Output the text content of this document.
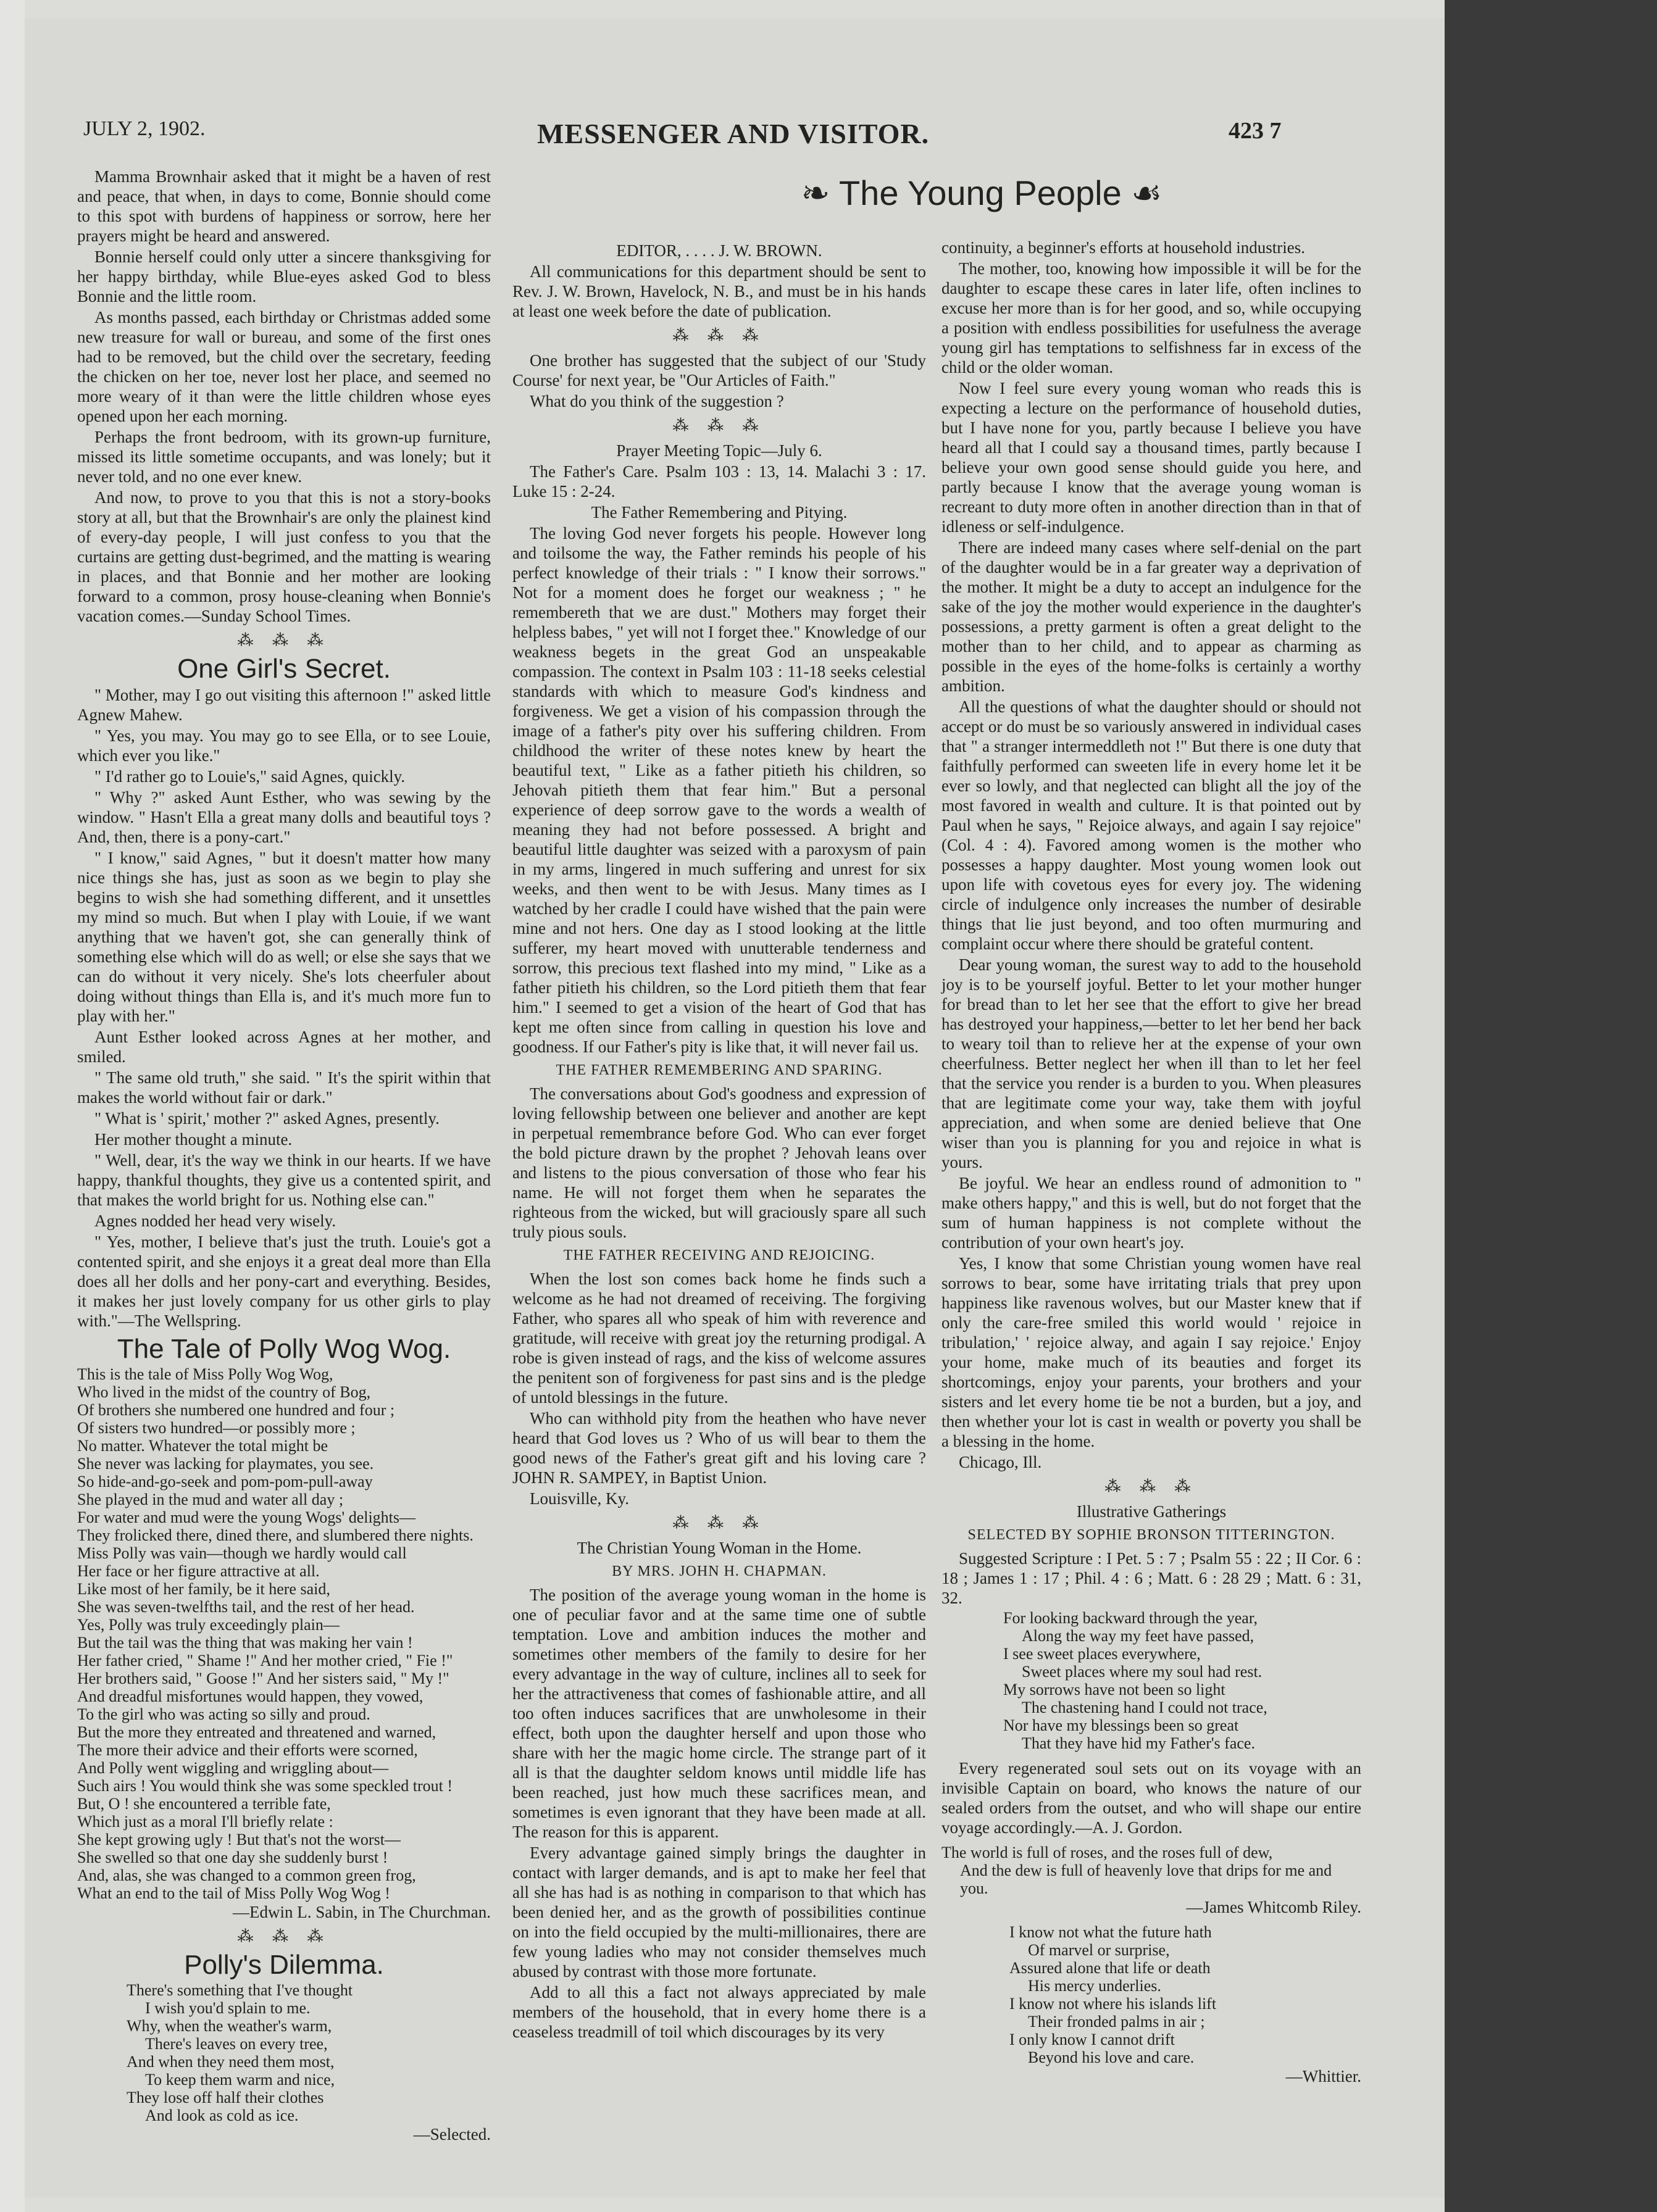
JULY 2, 1902.	MESSENGER AND VISITOR.	423 7
❧ The Young People ☙

Mamma Brownhair asked that it might be a haven of rest and peace, that when, in days to come, Bonnie should come to this spot with burdens of happiness or sorrow, here her prayers might be heard and answered.

Bonnie herself could only utter a sincere thanksgiving for her happy birthday, while Blue-eyes asked God to bless Bonnie and the little room.

As months passed, each birthday or Christmas added some new treasure for wall or bureau, and some of the first ones had to be removed, but the child over the secretary, feeding the chicken on her toe, never lost her place, and seemed no more weary of it than were the little children whose eyes opened upon her each morning.

Perhaps the front bedroom, with its grown-up furniture, missed its little sometime occupants, and was lonely; but it never told, and no one ever knew.

And now, to prove to you that this is not a story-books story at all, but that the Brownhair's are only the plainest kind of every-day people, I will just confess to you that the curtains are getting dust-begrimed, and the matting is wearing in places, and that Bonnie and her mother are looking forward to a common, prosy house-cleaning when Bonnie's vacation comes.—Sunday School Times.

⁂ ⁂ ⁂
One Girl's Secret.

" Mother, may I go out visiting this afternoon !" asked little Agnew Mahew.

" Yes, you may. You may go to see Ella, or to see Louie, which ever you like."

" I'd rather go to Louie's," said Agnes, quickly.

" Why ?" asked Aunt Esther, who was sewing by the window. " Hasn't Ella a great many dolls and beautiful toys ? And, then, there is a pony-cart."

" I know," said Agnes, " but it doesn't matter how many nice things she has, just as soon as we begin to play she begins to wish she had something different, and it unsettles my mind so much. But when I play with Louie, if we want anything that we haven't got, she can generally think of something else which will do as well; or else she says that we can do without it very nicely. She's lots cheerfuler about doing without things than Ella is, and it's much more fun to play with her."

Aunt Esther looked across Agnes at her mother, and smiled.

" The same old truth," she said. " It's the spirit within that makes the world without fair or dark."

" What is ' spirit,' mother ?" asked Agnes, presently.

Her mother thought a minute.

" Well, dear, it's the way we think in our hearts. If we have happy, thankful thoughts, they give us a contented spirit, and that makes the world bright for us. Nothing else can."

Agnes nodded her head very wisely.

" Yes, mother, I believe that's just the truth. Louie's got a contented spirit, and she enjoys it a great deal more than Ella does all her dolls and her pony-cart and everything. Besides, it makes her just lovely company for us other girls to play with."—The Wellspring.

The Tale of Polly Wog Wog.
This is the tale of Miss Polly Wog Wog,
Who lived in the midst of the country of Bog,
Of brothers she numbered one hundred and four ;
Of sisters two hundred—or possibly more ;
No matter. Whatever the total might be
She never was lacking for playmates, you see.
So hide-and-go-seek and pom-pom-pull-away
She played in the mud and water all day ;
For water and mud were the young Wogs' delights—
They frolicked there, dined there, and slumbered there nights.
Miss Polly was vain—though we hardly would call
Her face or her figure attractive at all.
Like most of her family, be it here said,
She was seven-twelfths tail, and the rest of her head.
Yes, Polly was truly exceedingly plain—
But the tail was the thing that was making her vain !
Her father cried, " Shame !" And her mother cried, " Fie !"
Her brothers said, " Goose !" And her sisters said, " My !"
And dreadful misfortunes would happen, they vowed,
To the girl who was acting so silly and proud.
But the more they entreated and threatened and warned,
The more their advice and their efforts were scorned,
And Polly went wiggling and wriggling about—
Such airs ! You would think she was some speckled trout !
But, O ! she encountered a terrible fate,
Which just as a moral I'll briefly relate :
She kept growing ugly ! But that's not the worst—
She swelled so that one day she suddenly burst !
And, alas, she was changed to a common green frog,
What an end to the tail of Miss Polly Wog Wog !

—Edwin L. Sabin, in The Churchman.

⁂ ⁂ ⁂
Polly's Dilemma.
There's something that I've thought
I wish you'd splain to me.
Why, when the weather's warm,
There's leaves on every tree,
And when they need them most,
To keep them warm and nice,
They lose off half their clothes
And look as cold as ice.

—Selected.

EDITOR, . . . . J. W. BROWN.

All communications for this department should be sent to Rev. J. W. Brown, Havelock, N. B., and must be in his hands at least one week before the date of publication.

⁂ ⁂ ⁂

One brother has suggested that the subject of our 'Study Course' for next year, be "Our Articles of Faith."

What do you think of the suggestion ?

⁂ ⁂ ⁂

Prayer Meeting Topic—July 6.

The Father's Care. Psalm 103 : 13, 14. Malachi 3 : 17. Luke 15 : 2-24.

The Father Remembering and Pitying.

The loving God never forgets his people. However long and toilsome the way, the Father reminds his people of his perfect knowledge of their trials : " I know their sorrows." Not for a moment does he forget our weakness ; " he remembereth that we are dust." Mothers may forget their helpless babes, " yet will not I forget thee." Knowledge of our weakness begets in the great God an unspeakable compassion. The context in Psalm 103 : 11-18 seeks celestial standards with which to measure God's kindness and forgiveness. We get a vision of his compassion through the image of a father's pity over his suffering children. From childhood the writer of these notes knew by heart the beautiful text, " Like as a father pitieth his children, so Jehovah pitieth them that fear him." But a personal experience of deep sorrow gave to the words a wealth of meaning they had not before possessed. A bright and beautiful little daughter was seized with a paroxysm of pain in my arms, lingered in much suffering and unrest for six weeks, and then went to be with Jesus. Many times as I watched by her cradle I could have wished that the pain were mine and not hers. One day as I stood looking at the little sufferer, my heart moved with unutterable tenderness and sorrow, this precious text flashed into my mind, " Like as a father pitieth his children, so the Lord pitieth them that fear him." I seemed to get a vision of the heart of God that has kept me often since from calling in question his love and goodness. If our Father's pity is like that, it will never fail us.

THE FATHER REMEMBERING AND SPARING.

The conversations about God's goodness and expression of loving fellowship between one believer and another are kept in perpetual remembrance before God. Who can ever forget the bold picture drawn by the prophet ? Jehovah leans over and listens to the pious conversation of those who fear his name. He will not forget them when he separates the righteous from the wicked, but will graciously spare all such truly pious souls.

THE FATHER RECEIVING AND REJOICING.

When the lost son comes back home he finds such a welcome as he had not dreamed of receiving. The forgiving Father, who spares all who speak of him with reverence and gratitude, will receive with great joy the returning prodigal. A robe is given instead of rags, and the kiss of welcome assures the penitent son of forgiveness for past sins and is the pledge of untold blessings in the future.

Who can withhold pity from the heathen who have never heard that God loves us ? Who of us will bear to them the good news of the Father's great gift and his loving care ? JOHN R. SAMPEY, in Baptist Union.

Louisville, Ky.

⁂ ⁂ ⁂

The Christian Young Woman in the Home.

BY MRS. JOHN H. CHAPMAN.

The position of the average young woman in the home is one of peculiar favor and at the same time one of subtle temptation. Love and ambition induces the mother and sometimes other members of the family to desire for her every advantage in the way of culture, inclines all to seek for her the attractiveness that comes of fashionable attire, and all too often induces sacrifices that are unwholesome in their effect, both upon the daughter herself and upon those who share with her the magic home circle. The strange part of it all is that the daughter seldom knows until middle life has been reached, just how much these sacrifices mean, and sometimes is even ignorant that they have been made at all. The reason for this is apparent.

Every advantage gained simply brings the daughter in contact with larger demands, and is apt to make her feel that all she has had is as nothing in comparison to that which has been denied her, and as the growth of possibilities continue on into the field occupied by the multi-millionaires, there are few young ladies who may not consider themselves much abused by contrast with those more fortunate.

Add to all this a fact not always appreciated by male members of the household, that in every home there is a ceaseless treadmill of toil which discourages by its very

continuity, a beginner's efforts at household industries.

The mother, too, knowing how impossible it will be for the daughter to escape these cares in later life, often inclines to excuse her more than is for her good, and so, while occupying a position with endless possibilities for usefulness the average young girl has temptations to selfishness far in excess of the child or the older woman.

Now I feel sure every young woman who reads this is expecting a lecture on the performance of household duties, but I have none for you, partly because I believe you have heard all that I could say a thousand times, partly because I believe your own good sense should guide you here, and partly because I know that the average young woman is recreant to duty more often in another direction than in that of idleness or self-indulgence.

There are indeed many cases where self-denial on the part of the daughter would be in a far greater way a deprivation of the mother. It might be a duty to accept an indulgence for the sake of the joy the mother would experience in the daughter's possessions, a pretty garment is often a great delight to the mother than to her child, and to appear as charming as possible in the eyes of the home-folks is certainly a worthy ambition.

All the questions of what the daughter should or should not accept or do must be so variously answered in individual cases that " a stranger intermeddleth not !" But there is one duty that faithfully performed can sweeten life in every home let it be ever so lowly, and that neglected can blight all the joy of the most favored in wealth and culture. It is that pointed out by Paul when he says, " Rejoice always, and again I say rejoice" (Col. 4 : 4). Favored among women is the mother who possesses a happy daughter. Most young women look out upon life with covetous eyes for every joy. The widening circle of indulgence only increases the number of desirable things that lie just beyond, and too often murmuring and complaint occur where there should be grateful content.

Dear young woman, the surest way to add to the household joy is to be yourself joyful. Better to let your mother hunger for bread than to let her see that the effort to give her bread has destroyed your happiness,—better to let her bend her back to weary toil than to relieve her at the expense of your own cheerfulness. Better neglect her when ill than to let her feel that the service you render is a burden to you. When pleasures that are legitimate come your way, take them with joyful appreciation, and when some are denied believe that One wiser than you is planning for you and rejoice in what is yours.

Be joyful. We hear an endless round of admonition to " make others happy," and this is well, but do not forget that the sum of human happiness is not complete without the contribution of your own heart's joy.

Yes, I know that some Christian young women have real sorrows to bear, some have irritating trials that prey upon happiness like ravenous wolves, but our Master knew that if only the care-free smiled this world would ' rejoice in tribulation,' ' rejoice alway, and again I say rejoice.' Enjoy your home, make much of its beauties and forget its shortcomings, enjoy your parents, your brothers and your sisters and let every home tie be not a burden, but a joy, and then whether your lot is cast in wealth or poverty you shall be a blessing in the home.

Chicago, Ill.

⁂ ⁂ ⁂

Illustrative Gatherings

SELECTED BY SOPHIE BRONSON TITTERINGTON.

Suggested Scripture : I Pet. 5 : 7 ; Psalm 55 : 22 ; II Cor. 6 : 18 ; James 1 : 17 ; Phil. 4 : 6 ; Matt. 6 : 28 29 ; Matt. 6 : 31, 32.

For looking backward through the year,
Along the way my feet have passed,
I see sweet places everywhere,
Sweet places where my soul had rest.
My sorrows have not been so light
The chastening hand I could not trace,
Nor have my blessings been so great
That they have hid my Father's face.

Every regenerated soul sets out on its voyage with an invisible Captain on board, who knows the nature of our sealed orders from the outset, and who will shape our entire voyage accordingly.—A. J. Gordon.

The world is full of roses, and the roses full of dew,
And the dew is full of heavenly love that drips for me and you.

—James Whitcomb Riley.

I know not what the future hath
Of marvel or surprise,
Assured alone that life or death
His mercy underlies.
I know not where his islands lift
Their fronded palms in air ;
I only know I cannot drift
Beyond his love and care.

—Whittier.
